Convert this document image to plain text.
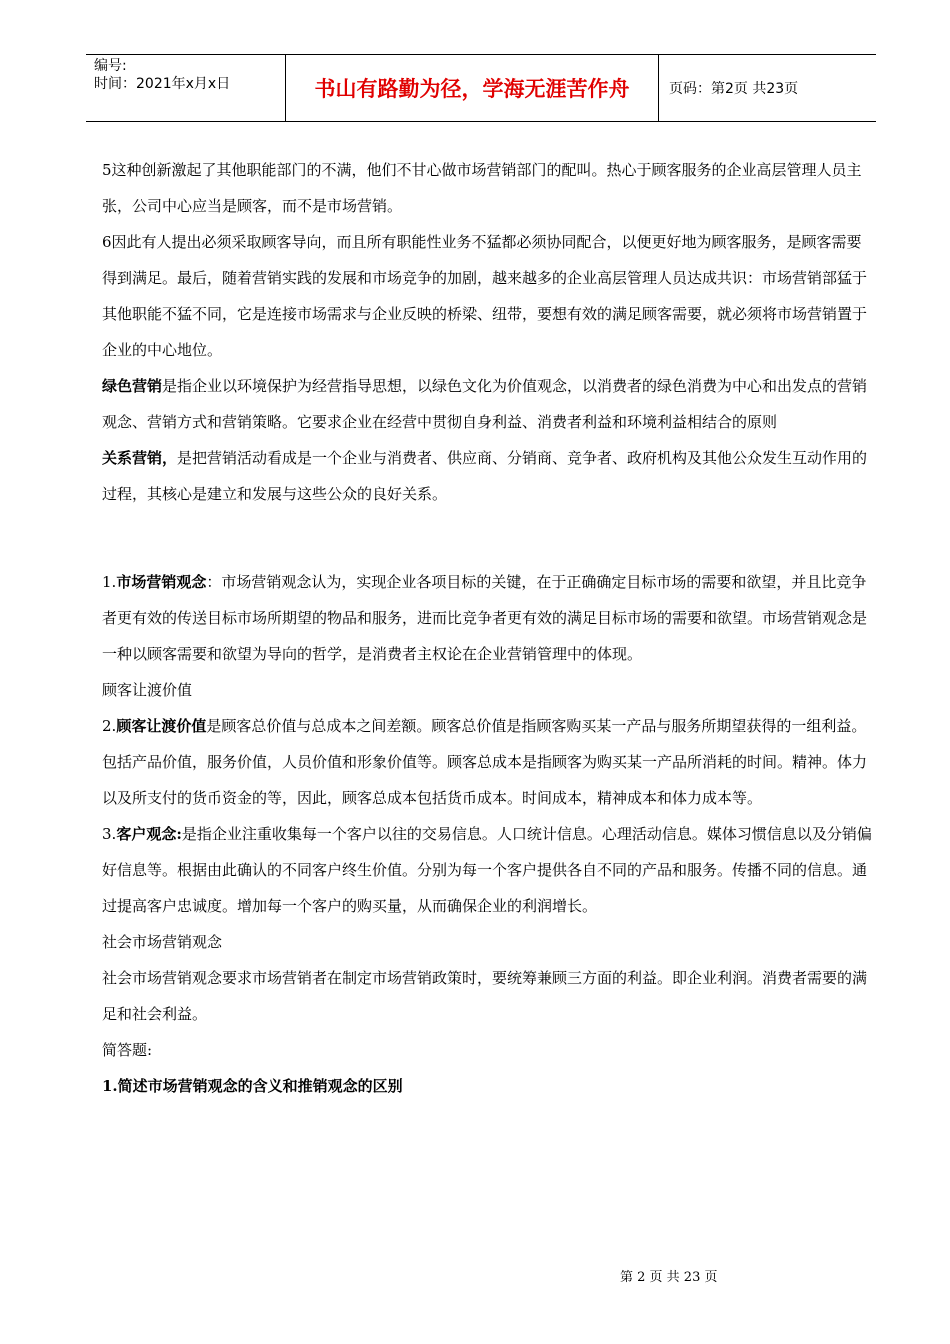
编号:
时间：2021年x月x日	书山有路勤为径，学海无涯苦作舟	页码：第2页 共23页

5这种创新激起了其他职能部门的不满，他们不甘心做市场营销部门的配叫。热心于顾客服务的企业高层管理人员主张，公司中心应当是顾客，而不是市场营销。

6因此有人提出必须采取顾客导向，而且所有职能性业务不猛都必须协同配合，以便更好地为顾客服务，是顾客需要得到满足。最后，随着营销实践的发展和市场竞争的加剧，越来越多的企业高层管理人员达成共识：市场营销部猛于其他职能不猛不同，它是连接市场需求与企业反映的桥梁、纽带，要想有效的满足顾客需要，就必须将市场营销置于企业的中心地位。

绿色营销是指企业以环境保护为经营指导思想，以绿色文化为价值观念，以消费者的绿色消费为中心和出发点的营销观念、营销方式和营销策略。它要求企业在经营中贯彻自身利益、消费者利益和环境利益相结合的原则

关系营销，是把营销活动看成是一个企业与消费者、供应商、分销商、竞争者、政府机构及其他公众发生互动作用的过程，其核心是建立和发展与这些公众的良好关系。

1.市场营销观念：市场营销观念认为，实现企业各项目标的关键，在于正确确定目标市场的需要和欲望，并且比竞争者更有效的传送目标市场所期望的物品和服务，进而比竞争者更有效的满足目标市场的需要和欲望。市场营销观念是一种以顾客需要和欲望为导向的哲学，是消费者主权论在企业营销管理中的体现。

顾客让渡价值

2.顾客让渡价值是顾客总价值与总成本之间差额。顾客总价值是指顾客购买某一产品与服务所期望获得的一组利益。包括产品价值，服务价值，人员价值和形象价值等。顾客总成本是指顾客为购买某一产品所消耗的时间。精神。体力以及所支付的货币资金的等，因此，顾客总成本包括货币成本。时间成本，精神成本和体力成本等。

3.客户观念:是指企业注重收集每一个客户以往的交易信息。人口统计信息。心理活动信息。媒体习惯信息以及分销偏好信息等。根据由此确认的不同客户终生价值。分别为每一个客户提供各自不同的产品和服务。传播不同的信息。通过提高客户忠诚度。增加每一个客户的购买量，从而确保企业的利润增长。

社会市场营销观念

社会市场营销观念要求市场营销者在制定市场营销政策时，要统筹兼顾三方面的利益。即企业利润。消费者需要的满足和社会利益。

简答题:

1.简述市场营销观念的含义和推销观念的区别

第 2 页 共 23 页
